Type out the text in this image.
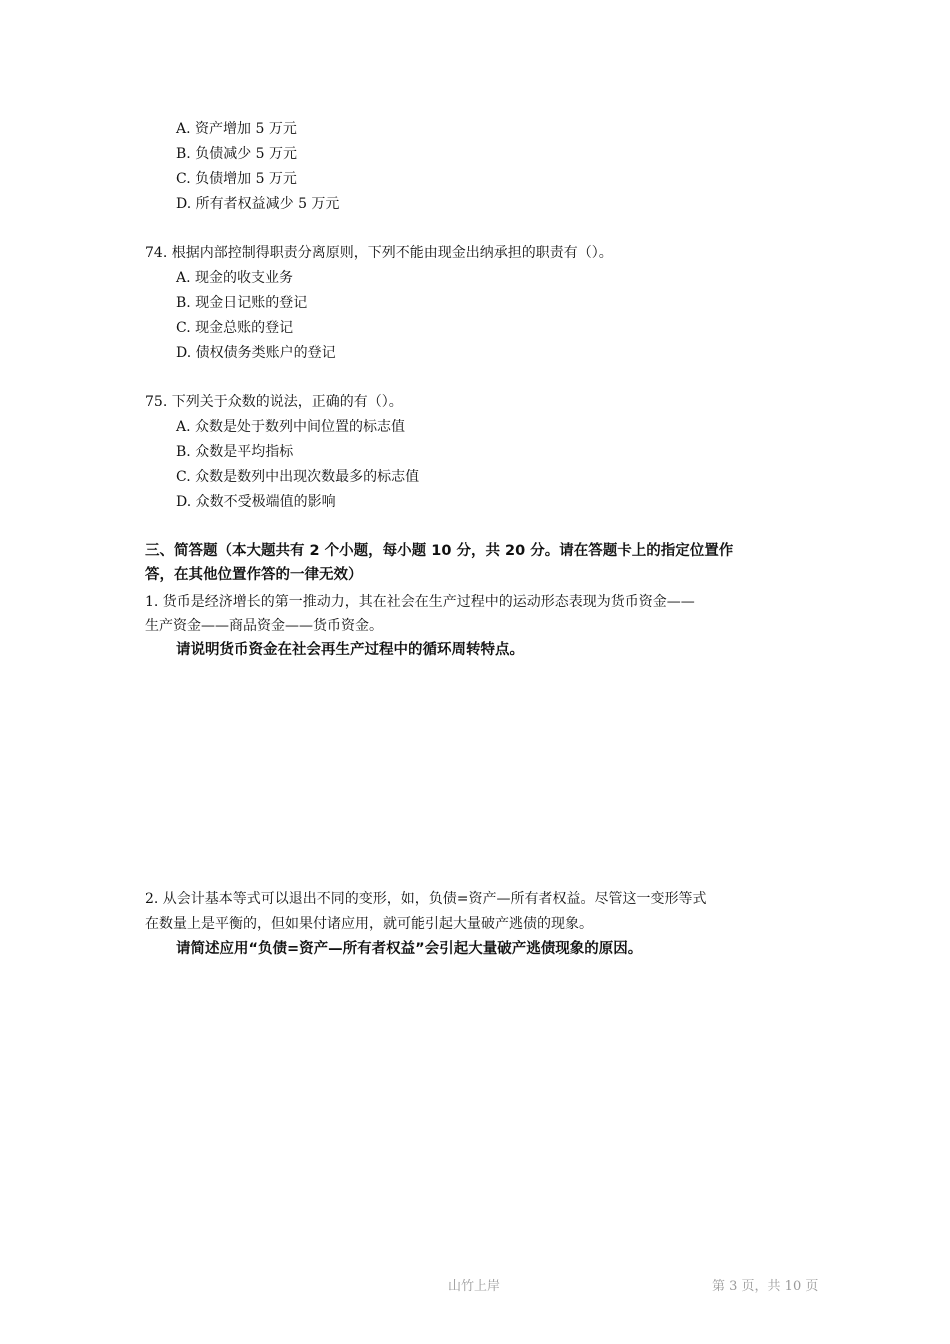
A. 资产增加 5 万元
B. 负债减少 5 万元
C. 负债增加 5 万元
D. 所有者权益减少 5 万元
74. 根据内部控制得职责分离原则，下列不能由现金出纳承担的职责有（）。
A. 现金的收支业务
B. 现金日记账的登记
C. 现金总账的登记
D. 债权债务类账户的登记
75. 下列关于众数的说法，正确的有（）。
A. 众数是处于数列中间位置的标志值
B. 众数是平均指标
C. 众数是数列中出现次数最多的标志值
D. 众数不受极端值的影响
三、简答题（本大题共有 2 个小题，每小题 10 分，共 20 分。请在答题卡上的指定位置作
答，在其他位置作答的一律无效）
1. 货币是经济增长的第一推动力，其在社会在生产过程中的运动形态表现为货币资金——
生产资金——商品资金——货币资金。
请说明货币资金在社会再生产过程中的循环周转特点。
2. 从会计基本等式可以退出不同的变形，如，负债=资产—所有者权益。尽管这一变形等式
在数量上是平衡的，但如果付诸应用，就可能引起大量破产逃债的现象。
请简述应用“负债=资产—所有者权益”会引起大量破产逃债现象的原因。
山竹上岸	第 3 页，共 10 页
